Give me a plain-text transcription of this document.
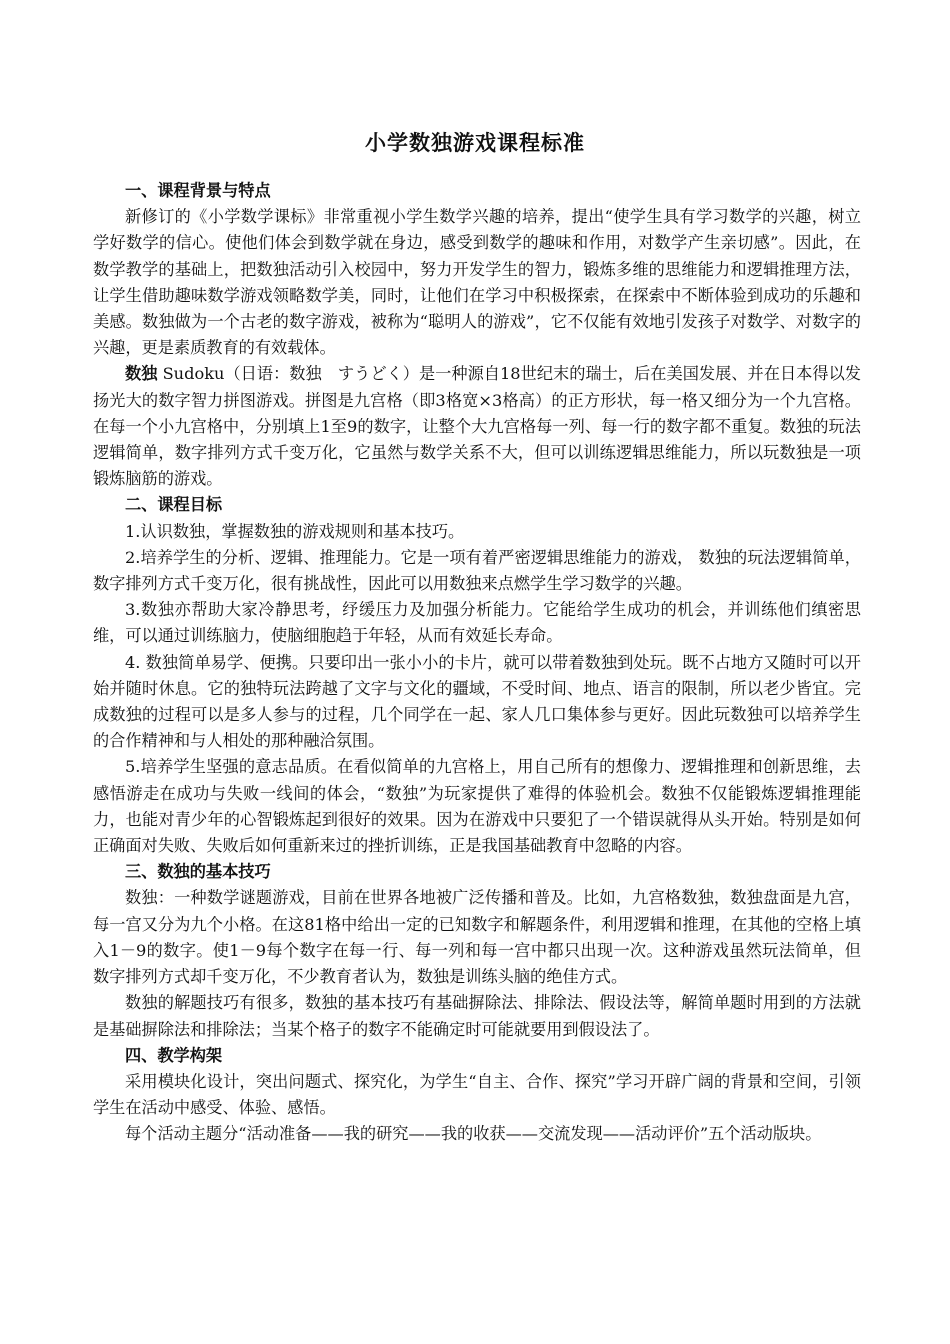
小学数独游戏课程标准

一、课程背景与特点

新修订的《小学数学课标》非常重视小学生数学兴趣的培养，提出“使学生具有学习数学的兴趣，树立学好数学的信心。使他们体会到数学就在身边，感受到数学的趣味和作用，对数学产生亲切感”。因此，在数学教学的基础上，把数独活动引入校园中，努力开发学生的智力，锻炼多维的思维能力和逻辑推理方法，让学生借助趣味数学游戏领略数学美，同时，让他们在学习中积极探索，在探索中不断体验到成功的乐趣和美感。数独做为一个古老的数字游戏，被称为“聪明人的游戏”，它不仅能有效地引发孩子对数学、对数字的兴趣，更是素质教育的有效载体。

数独 Sudoku（日语：数独　すうどく）是一种源自18世纪末的瑞士，后在美国发展、并在日本得以发扬光大的数字智力拼图游戏。拼图是九宫格（即3格宽×3格高）的正方形状，每一格又细分为一个九宫格。在每一个小九宫格中，分别填上1至9的数字，让整个大九宫格每一列、每一行的数字都不重复。数独的玩法逻辑简单，数字排列方式千变万化，它虽然与数学关系不大，但可以训练逻辑思维能力，所以玩数独是一项锻炼脑筋的游戏。

二、课程目标

1.认识数独，掌握数独的游戏规则和基本技巧。

2.培养学生的分析、逻辑、推理能力。它是一项有着严密逻辑思维能力的游戏， 数独的玩法逻辑简单，数字排列方式千变万化，很有挑战性，因此可以用数独来点燃学生学习数学的兴趣。

3.数独亦帮助大家冷静思考，纾缓压力及加强分析能力。它能给学生成功的机会，并训练他们缜密思维，可以通过训练脑力，使脑细胞趋于年轻，从而有效延长寿命。

4. 数独简单易学、便携。只要印出一张小小的卡片，就可以带着数独到处玩。既不占地方又随时可以开始并随时休息。它的独特玩法跨越了文字与文化的疆域，不受时间、地点、语言的限制，所以老少皆宜。完成数独的过程可以是多人参与的过程，几个同学在一起、家人几口集体参与更好。因此玩数独可以培养学生的合作精神和与人相处的那种融洽氛围。

5.培养学生坚强的意志品质。在看似简单的九宫格上，用自己所有的想像力、逻辑推理和创新思维，去感悟游走在成功与失败一线间的体会，“数独”为玩家提供了难得的体验机会。数独不仅能锻炼逻辑推理能力，也能对青少年的心智锻炼起到很好的效果。因为在游戏中只要犯了一个错误就得从头开始。特别是如何正确面对失败、失败后如何重新来过的挫折训练，正是我国基础教育中忽略的内容。

三、数独的基本技巧

数独：一种数学谜题游戏，目前在世界各地被广泛传播和普及。比如，九宫格数独，数独盘面是九宫，每一宫又分为九个小格。在这81格中给出一定的已知数字和解题条件，利用逻辑和推理，在其他的空格上填入1－9的数字。使1－9每个数字在每一行、每一列和每一宫中都只出现一次。这种游戏虽然玩法简单，但数字排列方式却千变万化，不少教育者认为，数独是训练头脑的绝佳方式。

数独的解题技巧有很多，数独的基本技巧有基础摒除法、排除法、假设法等，解简单题时用到的方法就是基础摒除法和排除法；当某个格子的数字不能确定时可能就要用到假设法了。

四、教学构架

采用模块化设计，突出问题式、探究化，为学生“自主、合作、探究”学习开辟广阔的背景和空间，引领学生在活动中感受、体验、感悟。

每个活动主题分“活动准备——我的研究——我的收获——交流发现——活动评价”五个活动版块。
